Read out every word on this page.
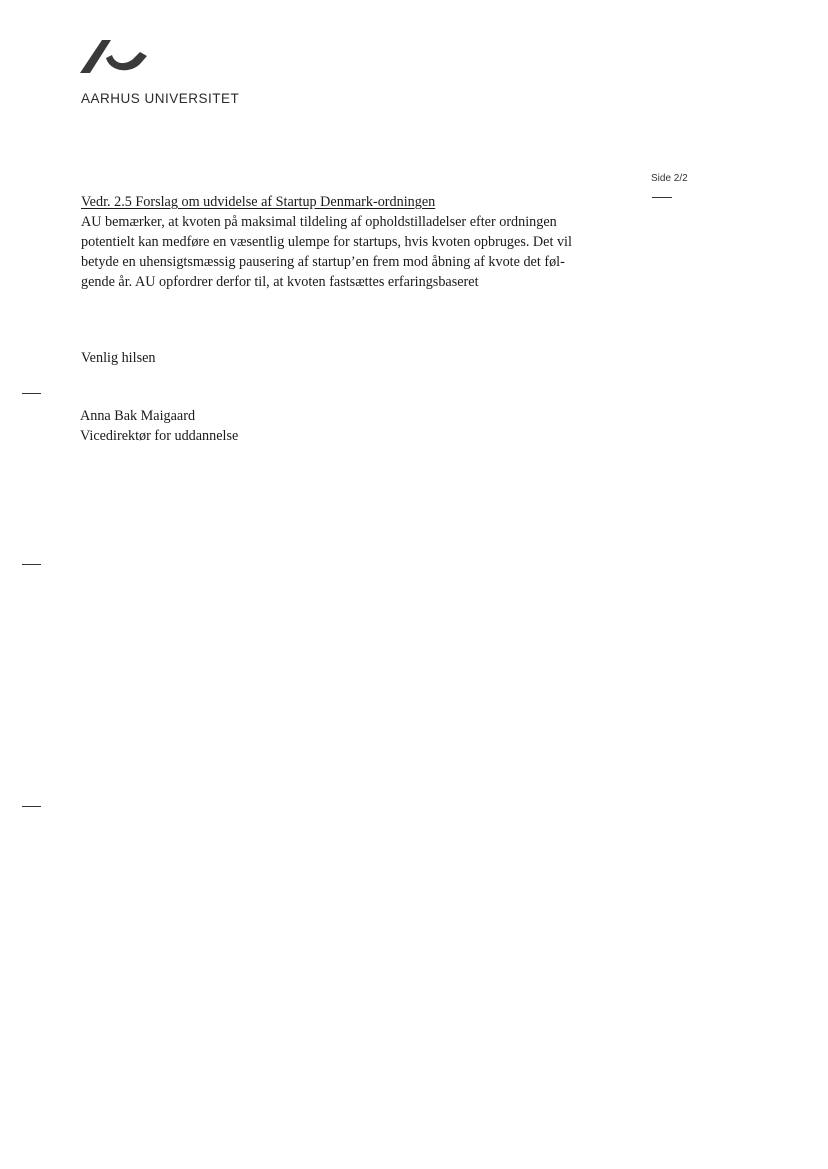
AARHUS UNIVERSITET
Side 2/2
Vedr. 2.5 Forslag om udvidelse af Startup Denmark-ordningen

AU bemærker, at kvoten på maksimal tildeling af opholdstilladelser efter ordningen
potentielt kan medføre en væsentlig ulempe for startups, hvis kvoten opbruges. Det vil
betyde en uhensigtsmæssig pausering af startup’en frem mod åbning af kvote det føl-
gende år. AU opfordrer derfor til, at kvoten fastsættes erfaringsbaseret

Venlig hilsen
Anna Bak Maigaard
Vicedirektør for uddannelse
